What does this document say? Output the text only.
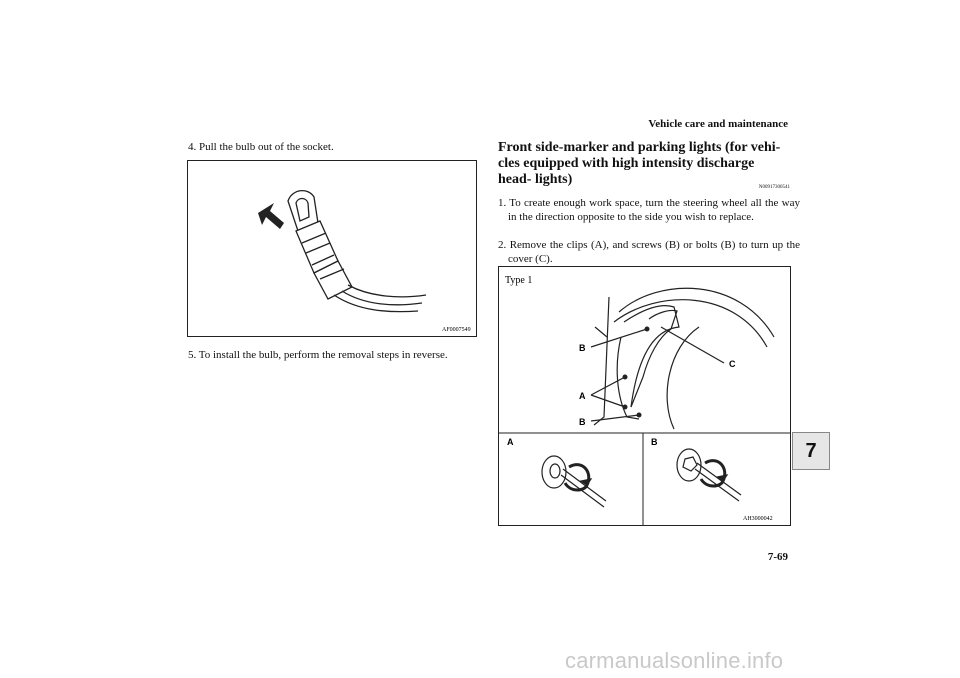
Vehicle care and maintenance
4. Pull the bulb out of the socket.
AF0007549
5. To install the bulb, perform the removal steps in reverse.
Front side-marker and parking lights (for vehi- cles equipped with high intensity discharge head- lights)
N00917300541
1. To create enough work space, turn the steering wheel all the way in the direction opposite to the side you wish to replace.
2. Remove the clips (A), and screws (B) or bolts (B) to turn up the cover (C).
Type 1
B
C
A
B
A	B
AH3000042
7
7-69
carmanualsonline.info
